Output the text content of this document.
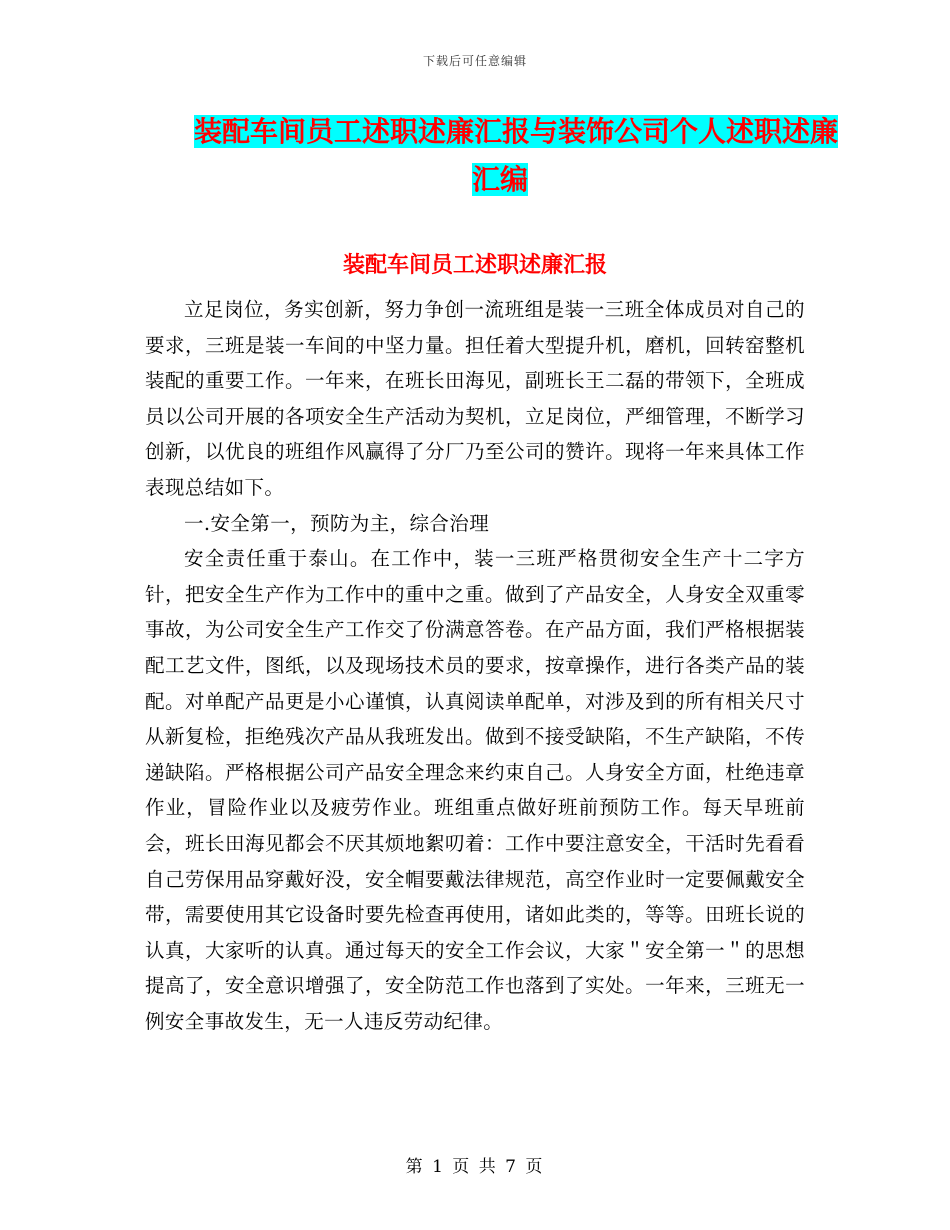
下载后可任意编辑
装配车间员工述职述廉汇报与装饰公司个人述职述廉
汇编
装配车间员工述职述廉汇报

立足岗位，务实创新，努力争创一流班组是装一三班全体成员对自己的要求，三班是装一车间的中坚力量。担任着大型提升机，磨机，回转窑整机装配的重要工作。一年来，在班长田海见，副班长王二磊的带领下，全班成员以公司开展的各项安全生产活动为契机，立足岗位，严细管理，不断学习创新，以优良的班组作风赢得了分厂乃至公司的赞许。现将一年来具体工作表现总结如下。

一.安全第一，预防为主，综合治理

安全责任重于泰山。在工作中，装一三班严格贯彻安全生产十二字方针，把安全生产作为工作中的重中之重。做到了产品安全，人身安全双重零事故，为公司安全生产工作交了份满意答卷。在产品方面，我们严格根据装配工艺文件，图纸，以及现场技术员的要求，按章操作，进行各类产品的装配。对单配产品更是小心谨慎，认真阅读单配单，对涉及到的所有相关尺寸从新复检，拒绝残次产品从我班发出。做到不接受缺陷，不生产缺陷，不传递缺陷。严格根据公司产品安全理念来约束自己。人身安全方面，杜绝违章作业，冒险作业以及疲劳作业。班组重点做好班前预防工作。每天早班前会，班长田海见都会不厌其烦地絮叨着：工作中要注意安全，干活时先看看自己劳保用品穿戴好没，安全帽要戴法律规范，高空作业时一定要佩戴安全带，需要使用其它设备时要先检查再使用，诸如此类的，等等。田班长说的认真，大家听的认真。通过每天的安全工作会议，大家＂安全第一＂的思想提高了，安全意识增强了，安全防范工作也落到了实处。一年来，三班无一例安全事故发生，无一人违反劳动纪律。

第 1 页 共 7 页
